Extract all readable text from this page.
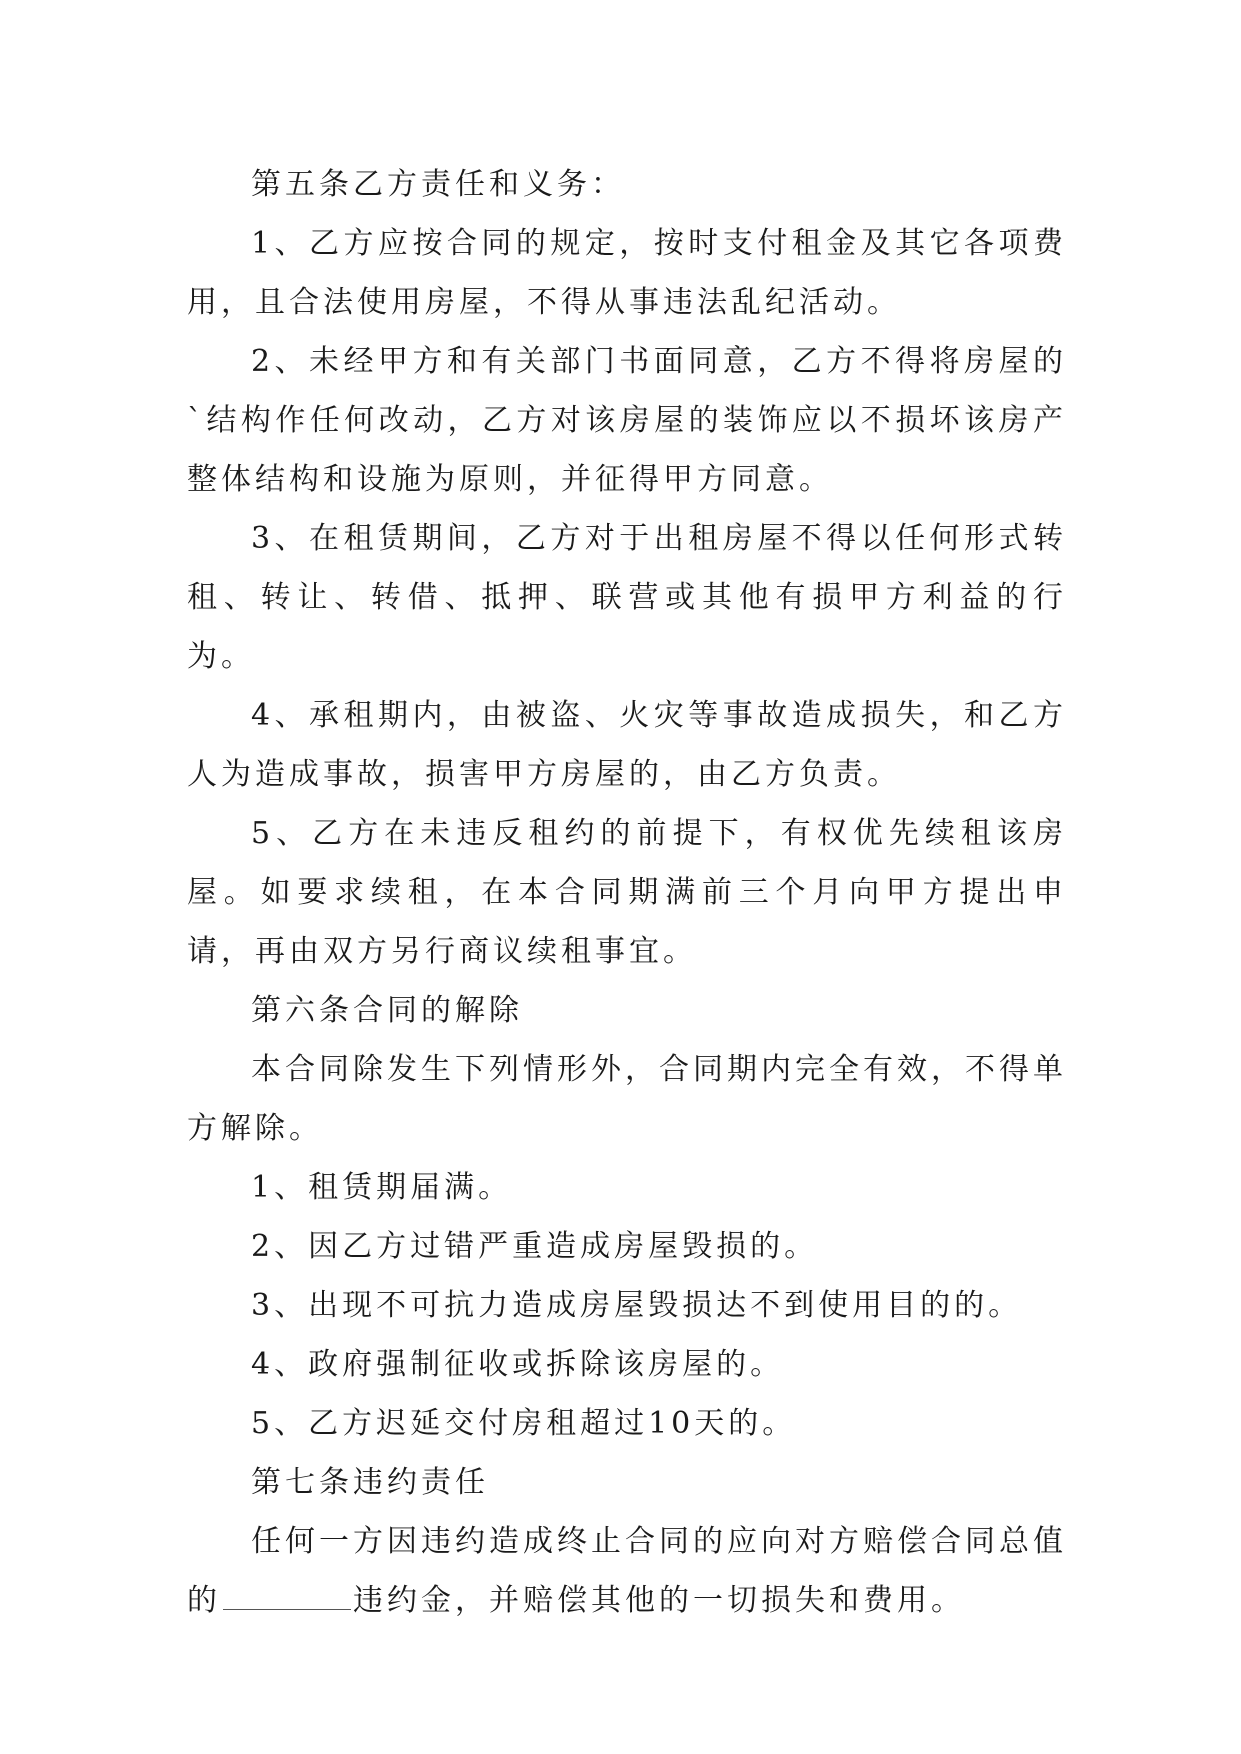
第五条乙方责任和义务：

1、乙方应按合同的规定，按时支付租金及其它各项费用，且合法使用房屋，不得从事违法乱纪活动。

2、未经甲方和有关部门书面同意，乙方不得将房屋的`结构作任何改动，乙方对该房屋的装饰应以不损坏该房产整体结构和设施为原则，并征得甲方同意。

3、在租赁期间，乙方对于出租房屋不得以任何形式转租、转让、转借、抵押、联营或其他有损甲方利益的行为。

4、承租期内，由被盗、火灾等事故造成损失，和乙方人为造成事故，损害甲方房屋的，由乙方负责。

5、乙方在未违反租约的前提下，有权优先续租该房屋。如要求续租，在本合同期满前三个月向甲方提出申请，再由双方另行商议续租事宜。

第六条合同的解除

本合同除发生下列情形外，合同期内完全有效，不得单方解除。

1、租赁期届满。

2、因乙方过错严重造成房屋毁损的。

3、出现不可抗力造成房屋毁损达不到使用目的的。

4、政府强制征收或拆除该房屋的。

5、乙方迟延交付房租超过10天的。

第七条违约责任

任何一方因违约造成终止合同的应向对方赔偿合同总值的	违约金，并赔偿其他的一切损失和费用。
